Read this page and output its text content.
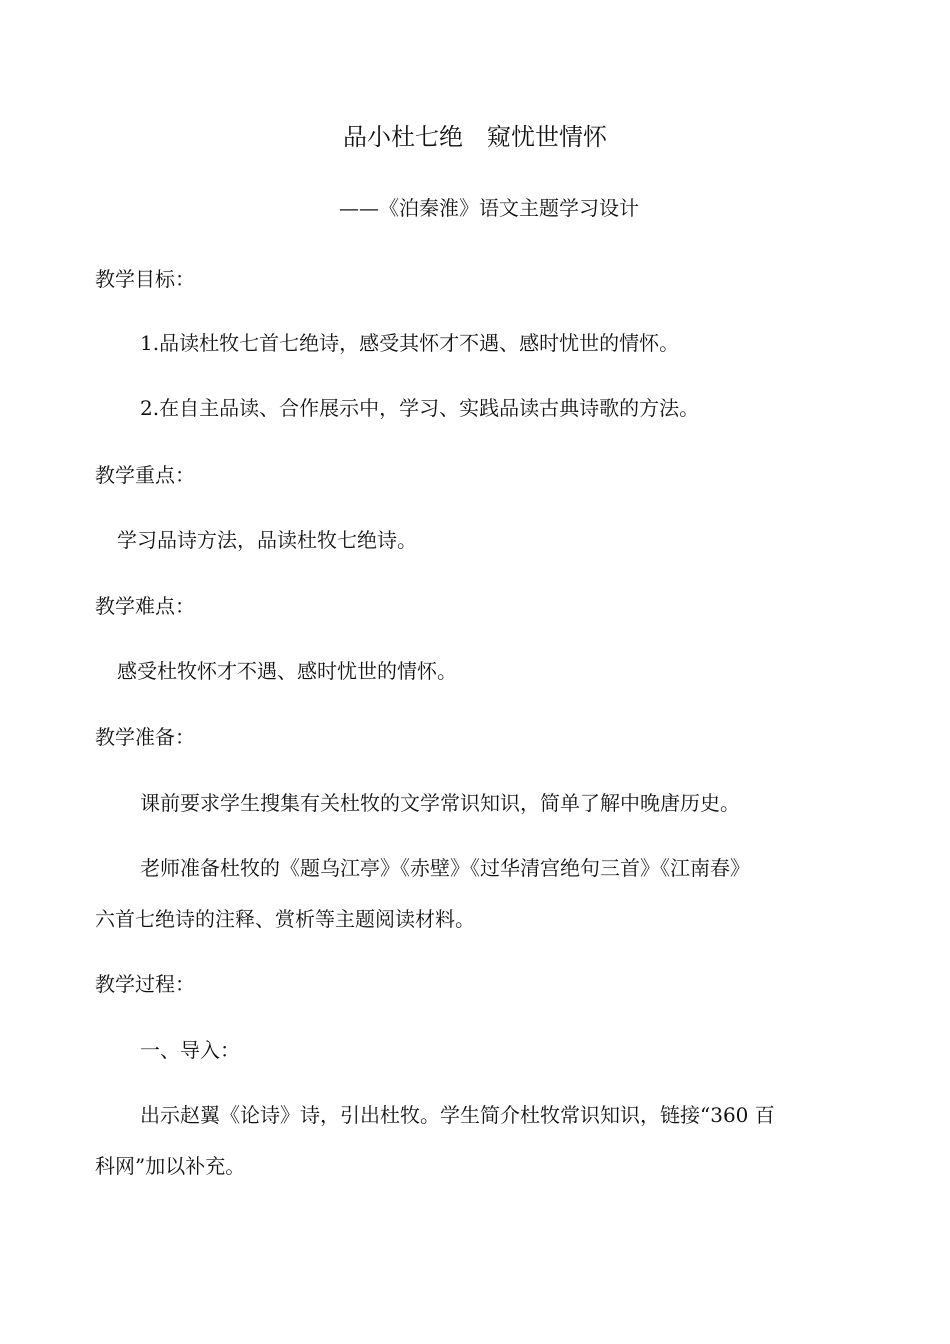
品小杜七绝　窥忧世情怀
——《泊秦淮》语文主题学习设计
教学目标：
1.品读杜牧七首七绝诗，感受其怀才不遇、感时忧世的情怀。
2.在自主品读、合作展示中，学习、实践品读古典诗歌的方法。
教学重点：
学习品诗方法，品读杜牧七绝诗。
教学难点：
感受杜牧怀才不遇、感时忧世的情怀。
教学准备：
课前要求学生搜集有关杜牧的文学常识知识，简单了解中晚唐历史。
老师准备杜牧的《题乌江亭》《赤壁》《过华清宫绝句三首》《江南春》
六首七绝诗的注释、赏析等主题阅读材料。
教学过程：
一、导入：
出示赵翼《论诗》诗，引出杜牧。学生简介杜牧常识知识，链接“360 百
科网”加以补充。
